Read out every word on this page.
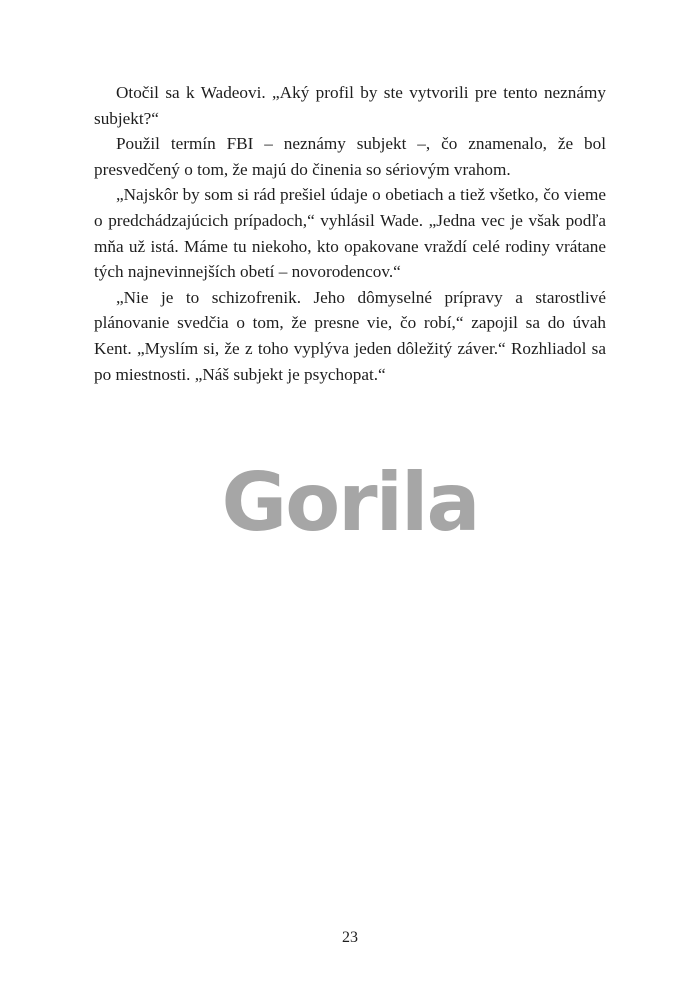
Otočil sa k Wadeovi. „Aký profil by ste vytvorili pre tento neznámy subjekt?“

Použil termín FBI – neznámy subjekt –, čo znamenalo, že bol presvedčený o tom, že majú do činenia so sériovým vrahom.

„Najskôr by som si rád prešiel údaje o obetiach a tiež všetko, čo vieme o predchádzajúcich prípadoch,“ vyhlásil Wade. „Jedna vec je však podľa mňa už istá. Máme tu niekoho, kto opakovane vraždí celé rodiny vrátane tých najnevinnejších obetí – novorodencov.“

„Nie je to schizofrenik. Jeho dômyselné prípravy a starostlivé plánovanie svedčia o tom, že presne vie, čo robí,“ zapojil sa do úvah Kent. „Myslím si, že z toho vyplýva jeden dôležitý záver.“ Rozhliadol sa po miestnosti. „Náš subjekt je psychopat.“

Gorila
23
